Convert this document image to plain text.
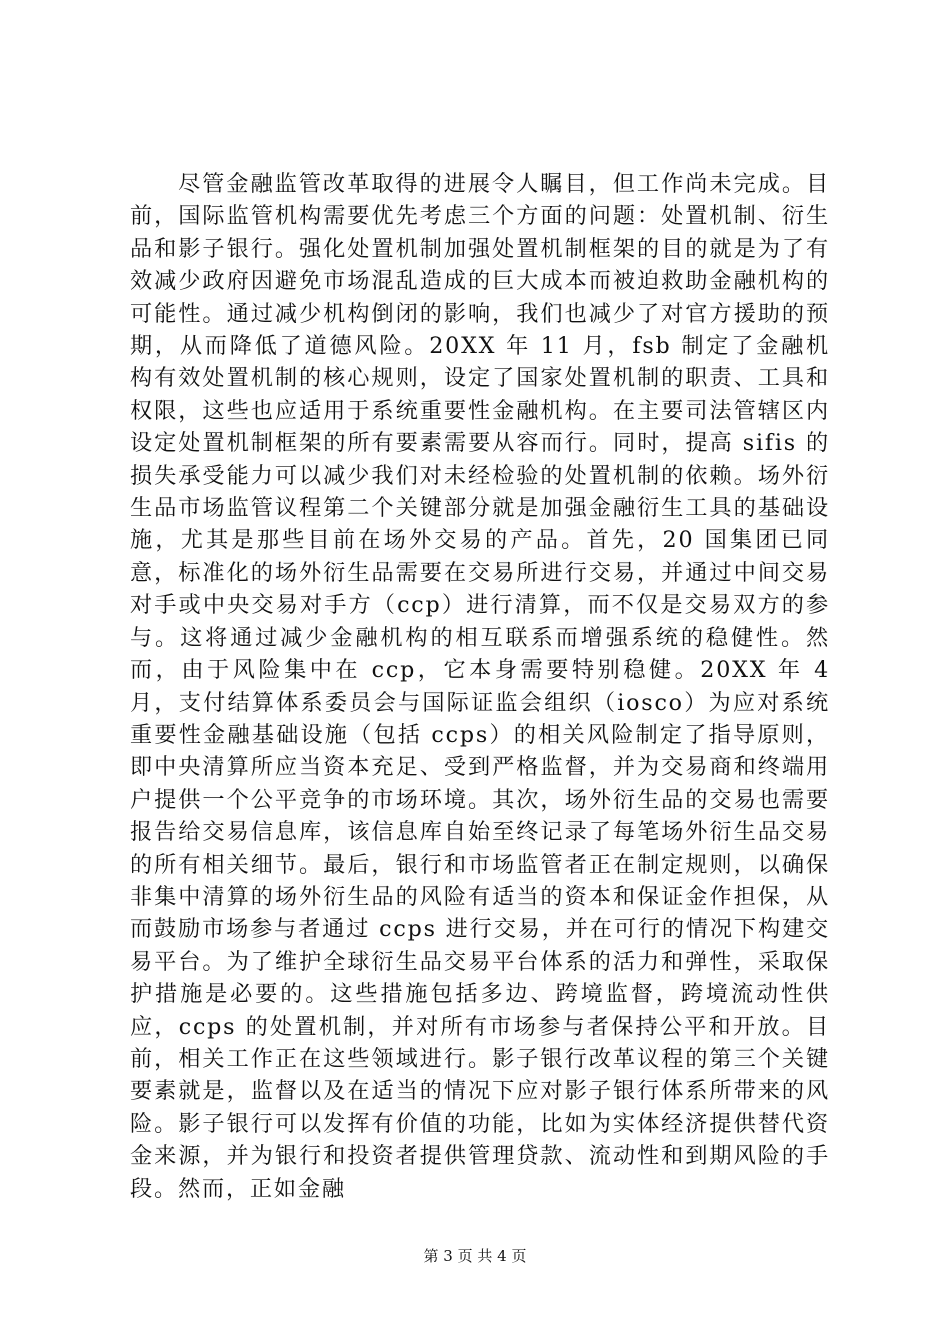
尽管金融监管改革取得的进展令人瞩目，但工作尚未完成。目前，国际监管机构需要优先考虑三个方面的问题：处置机制、衍生品和影子银行。强化处置机制加强处置机制框架的目的就是为了有效减少政府因避免市场混乱造成的巨大成本而被迫救助金融机构的可能性。通过减少机构倒闭的影响，我们也减少了对官方援助的预期，从而降低了道德风险。20XX 年 11 月，fsb 制定了金融机构有效处置机制的核心规则，设定了国家处置机制的职责、工具和权限，这些也应适用于系统重要性金融机构。在主要司法管辖区内设定处置机制框架的所有要素需要从容而行。同时，提高 sifis 的损失承受能力可以减少我们对未经检验的处置机制的依赖。场外衍生品市场监管议程第二个关键部分就是加强金融衍生工具的基础设施，尤其是那些目前在场外交易的产品。首先，20 国集团已同意，标准化的场外衍生品需要在交易所进行交易，并通过中间交易对手或中央交易对手方（ccp）进行清算，而不仅是交易双方的参与。这将通过减少金融机构的相互联系而增强系统的稳健性。然而，由于风险集中在 ccp，它本身需要特别稳健。20XX 年 4 月，支付结算体系委员会与国际证监会组织（iosco）为应对系统重要性金融基础设施（包括 ccps）的相关风险制定了指导原则，即中央清算所应当资本充足、受到严格监督，并为交易商和终端用户提供一个公平竞争的市场环境。其次，场外衍生品的交易也需要报告给交易信息库，该信息库自始至终记录了每笔场外衍生品交易的所有相关细节。最后，银行和市场监管者正在制定规则，以确保非集中清算的场外衍生品的风险有适当的资本和保证金作担保，从而鼓励市场参与者通过 ccps 进行交易，并在可行的情况下构建交易平台。为了维护全球衍生品交易平台体系的活力和弹性，采取保护措施是必要的。这些措施包括多边、跨境监督，跨境流动性供应，ccps 的处置机制，并对所有市场参与者保持公平和开放。目前，相关工作正在这些领域进行。影子银行改革议程的第三个关键要素就是，监督以及在适当的情况下应对影子银行体系所带来的风险。影子银行可以发挥有价值的功能，比如为实体经济提供替代资金来源，并为银行和投资者提供管理贷款、流动性和到期风险的手段。然而，正如金融

第 3 页 共 4 页
